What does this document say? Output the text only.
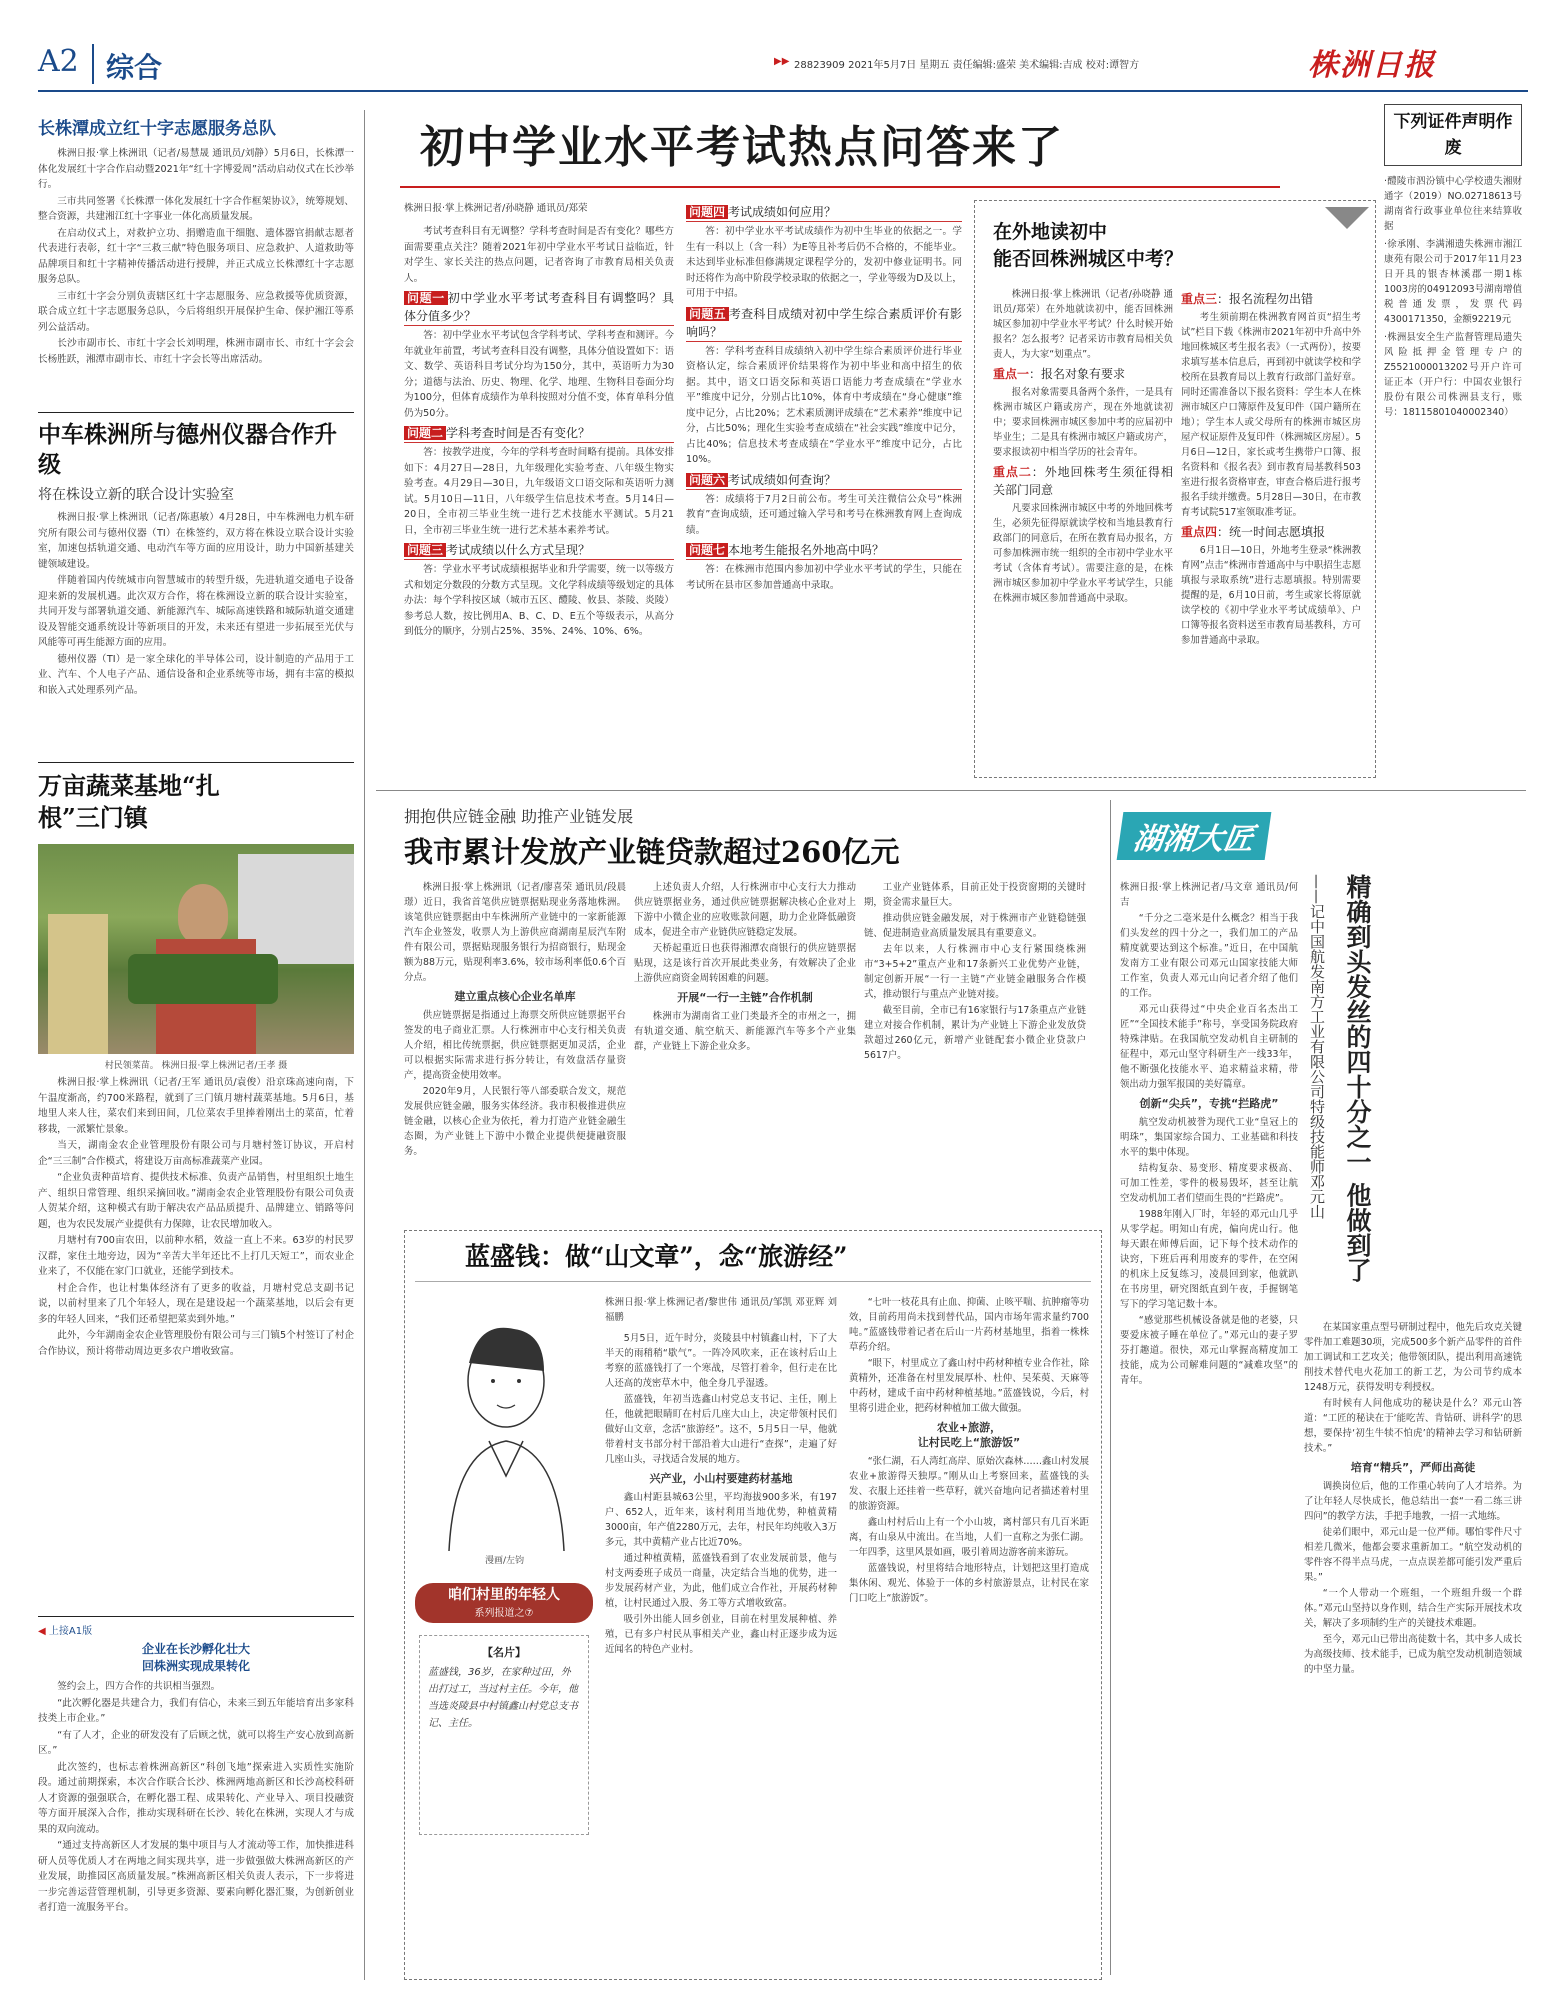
A2 综合	▶▶ 28823909 2021年5月7日 星期五 责任编辑:盛荣 美术编辑:吉成 校对:谭智方	株洲日报
下列证件声明作废

·醴陵市泗汾镇中心学校遗失湘财通字（2019）NO.02718613号湖南省行政事业单位往来结算收据

·徐承刚、李满湘遗失株洲市湘江康苑有限公司于2017年11月23日开具的银杏林溪郡一期1栋1003房的04912093号湖南增值税普通发票，发票代码4300171350，金额92219元

·株洲县安全生产监督管理局遗失风险抵押金管理专户的Z5521000013202号开户许可证正本（开户行：中国农业银行股份有限公司株洲县支行，账号：18115801040002340）

长株潭成立红十字志愿服务总队

株洲日报·掌上株洲讯（记者/易慧晟 通讯员/刘静）5月6日，长株潭一体化发展红十字合作启动暨2021年“红十字博爱周”活动启动仪式在长沙举行。

三市共同签署《长株潭一体化发展红十字合作框架协议》，统筹规划、整合资源，共建湘江红十字事业一体化高质量发展。

在启动仪式上，对救护立功、捐赠造血干细胞、遗体器官捐献志愿者代表进行表彰，红十字“三救三献”特色服务项目、应急救护、人道救助等品牌项目和红十字精神传播活动进行授牌，并正式成立长株潭红十字志愿服务总队。

三市红十字会分别负责辖区红十字志愿服务、应急救援等优质资源，联合成立红十字志愿服务总队，今后将组织开展保护生命、保护湘江等系列公益活动。

长沙市副市长、市红十字会长刘明理，株洲市副市长、市红十字会会长杨胜跃，湘潭市副市长、市红十字会长等出席活动。

中车株洲所与德州仪器合作升级
将在株设立新的联合设计实验室

株洲日报·掌上株洲讯（记者/陈惠敏）4月28日，中车株洲电力机车研究所有限公司与德州仪器（TI）在株签约，双方将在株设立联合设计实验室，加速包括轨道交通、电动汽车等方面的应用设计，助力中国新基建关键领域建设。

伴随着国内传统城市向智慧城市的转型升级，先进轨道交通电子设备迎来新的发展机遇。此次双方合作，将在株洲设立新的联合设计实验室，共同开发与部署轨道交通、新能源汽车、城际高速铁路和城际轨道交通建设及智能交通系统设计等新项目的开发，未来还有望进一步拓展至光伏与风能等可再生能源方面的应用。

德州仪器（TI）是一家全球化的半导体公司，设计制造的产品用于工业、汽车、个人电子产品、通信设备和企业系统等市场，拥有丰富的模拟和嵌入式处理系列产品。

万亩蔬菜基地“扎根”三门镇
村民领菜苗。 株洲日报·掌上株洲记者/王孝 摄

株洲日报·掌上株洲讯（记者/王军 通讯员/袁俊）沿京珠高速向南，下午温度渐高，约700米路程，就到了三门镇月塘村蔬菜基地。5月6日，基地里人来人往，菜农们来到田间，几位菜农手里捧着刚出土的菜苗，忙着移栽，一派繁忙景象。

当天，湖南金农企业管理股份有限公司与月塘村签订协议，开启村企“三三制”合作模式，将建设万亩高标准蔬菜产业园。

“企业负责种苗培育、提供技术标准、负责产品销售，村里组织土地生产、组织日常管理、组织采摘回收。”湖南金农企业管理股份有限公司负责人贺某介绍，这种模式有助于解决农产品品质提升、品牌建立、销路等问题，也为农民发展产业提供有力保障，让农民增加收入。

月塘村有700亩农田，以前种水稻，效益一直上不来。63岁的村民罗汉群，家住土地旁边，因为“辛苦大半年还比不上打几天短工”，而农业企业来了，不仅能在家门口就业，还能学到技术。

村企合作，也让村集体经济有了更多的收益，月塘村党总支副书记说，以前村里来了几个年轻人，现在是建设起一个蔬菜基地，以后会有更多的年轻人回来，“我们还希望把菜卖到外地。”

此外，今年湖南金农企业管理股份有限公司与三门镇5个村签订了村企合作协议，预计将带动周边更多农户增收致富。

◀ 上接A1版
企业在长沙孵化壮大
回株洲实现成果转化

签约会上，四方合作的共识相当强烈。

“此次孵化器是共建合力，我们有信心，未来三到五年能培育出多家科技类上市企业。”

“有了人才，企业的研发没有了后顾之忧，就可以将生产安心放到高新区。”

此次签约，也标志着株洲高新区“科创飞地”探索进入实质性实施阶段。通过前期探索，本次合作联合长沙、株洲两地高新区和长沙高校科研人才资源的强强联合，在孵化器工程、成果转化、产业导入、项目投融资等方面开展深入合作，推动实现科研在长沙、转化在株洲，实现人才与成果的双向流动。

“通过支持高新区人才发展的集中项目与人才流动等工作，加快推进科研人员等优质人才在两地之间实现共享，进一步做强做大株洲高新区的产业发展，助推园区高质量发展。”株洲高新区相关负责人表示，下一步将进一步完善运营管理机制，引导更多资源、要素向孵化器汇聚，为创新创业者打造一流服务平台。

初中学业水平考试热点问答来了
株洲日报·掌上株洲记者/孙晓静 通讯员/郑荣

考试考查科目有无调整？学科考查时间是否有变化？哪些方面需要重点关注？随着2021年初中学业水平考试日益临近，针对学生、家长关注的热点问题，记者咨询了市教育局相关负责人。

问题一 初中学业水平考试考查科目有调整吗？具体分值多少？

答：初中学业水平考试包含学科考试、学科考查和测评。今年就业年前置，考试考查科目没有调整，具体分值设置如下：语文、数学、英语科目考试分均为150分，其中，英语听力为30分；道德与法治、历史、物理、化学、地理、生物科目卷面分均为100分，但体育成绩作为单科按照对分值不变，体育单科分值仍为50分。

问题二 学科考查时间是否有变化？

答：按教学进度，今年的学科考查时间略有提前。具体安排如下：4月27日—28日，九年级理化实验考查、八年级生物实验考查。4月29日—30日，九年级语文口语交际和英语听力测试。5月10日—11日，八年级学生信息技术考查。5月14日—20日，全市初三毕业生统一进行艺术技能水平测试。5月21日，全市初三毕业生统一进行艺术基本素养考试。

问题三 考试成绩以什么方式呈现？

答：学业水平考试成绩根据毕业和升学需要，统一以等级方式和划定分数段的分数方式呈现。文化学科成绩等级划定的具体办法：每个学科按区域（城市五区、醴陵、攸县、茶陵、炎陵）参考总人数，按比例用A、B、C、D、E五个等级表示，从高分到低分的顺序，分别占25%、35%、24%、10%、6%。

问题四 考试成绩如何应用？

答：初中学业水平考试成绩作为初中生毕业的依据之一。学生有一科以上（含一科）为E等且补考后仍不合格的，不能毕业。未达到毕业标准但修满规定课程学分的，发初中修业证明书。同时还将作为高中阶段学校录取的依据之一，学业等级为D及以上，可用于中招。

问题五 考查科目成绩对初中学生综合素质评价有影响吗？

答：学科考查科目成绩纳入初中学生综合素质评价进行毕业资格认定，综合素质评价结果将作为初中毕业和高中招生的依据。其中，语文口语交际和英语口语能力考查成绩在“学业水平”维度中记分，分别占比10%，体育中考成绩在“身心健康”维度中记分，占比20%；艺术素质测评成绩在“艺术素养”维度中记分，占比50%；理化生实验考查成绩在“社会实践”维度中记分，占比40%；信息技术考查成绩在“学业水平”维度中记分，占比10%。

问题六 考试成绩如何查询？

答：成绩将于7月2日前公布。考生可关注微信公众号“株洲教育”查询成绩，还可通过输入学号和考号在株洲教育网上查询成绩。

问题七 本地考生能报名外地高中吗？

答：在株洲市范围内参加初中学业水平考试的学生，只能在考试所在县市区参加普通高中录取。

在外地读初中
能否回株洲城区中考？

株洲日报·掌上株洲讯（记者/孙晓静 通讯员/郑荣）在外地就读初中，能否回株洲城区参加初中学业水平考试？什么时候开始报名？怎么报考？记者采访市教育局相关负责人，为大家“划重点”。

重点一：报名对象有要求

报名对象需要具备两个条件，一是具有株洲市城区户籍或房产，现在外地就读初中；要求回株洲市城区参加中考的应届初中毕业生；二是具有株洲市城区户籍或房产，要求报读初中相当学历的社会青年。

重点二：外地回株考生须征得相关部门同意

凡要求回株洲市城区中考的外地回株考生，必须先征得原就读学校和当地县教育行政部门的同意后，在所在教育局办报名，方可参加株洲市统一组织的全市初中学业水平考试（含体育考试）。需要注意的是，在株洲市城区参加初中学业水平考试学生，只能在株洲市城区参加普通高中录取。

重点三：报名流程勿出错

考生须前期在株洲教育网首页“招生考试”栏目下载《株洲市2021年初中升高中外地回株城区考生报名表》（一式两份），按要求填写基本信息后，再到初中就读学校和学校所在县教育局以上教育行政部门盖好章。同时还需准备以下报名资料：学生本人在株洲市城区户口簿原件及复印件（国户籍所在地）；学生本人或父母所有的株洲市城区房屋产权证原件及复印件（株洲城区房屋）。5月6日—12日，家长或考生携带户口簿、报名资料和《报名表》到市教育局基教科503室进行报名资格审查，审查合格后进行报考报名手续并缴费。5月28日—30日，在市教育考试院517室领取准考证。

重点四：统一时间志愿填报

6月1日—10日，外地考生登录“株洲教育网”点击“株洲市普通高中与中职招生志愿填报与录取系统”进行志愿填报。特别需要提醒的是，6月10日前，考生或家长将原就读学校的《初中学业水平考试成绩单》、户口簿等报名资料送至市教育局基教科，方可参加普通高中录取。

拥抱供应链金融 助推产业链发展
我市累计发放产业链贷款超过260亿元

株洲日报·掌上株洲讯（记者/廖喜荣 通讯员/段晨璟）近日，我省首笔供应链票据贴现业务落地株洲。该笔供应链票据由中车株洲所产业链中的一家新能源汽车企业签发，收票人为上游供应商湖南星辰汽车附件有限公司，票据贴现服务银行为招商银行，贴现金额为88万元，贴现利率3.6%，较市场利率低0.6个百分点。

建立重点核心企业名单库

供应链票据是指通过上海票交所供应链票据平台签发的电子商业汇票。人行株洲市中心支行相关负责人介绍，相比传统票据，供应链票据更加灵活，企业可以根据实际需求进行拆分转让，有效盘活存量资产，提高资金使用效率。

2020年9月，人民银行等八部委联合发文，规范发展供应链金融，服务实体经济。我市积极推进供应链金融，以核心企业为依托，着力打造产业链金融生态圈，为产业链上下游中小微企业提供便捷融资服务。

上述负责人介绍，人行株洲市中心支行大力推动供应链票据业务，通过供应链票据解决核心企业对上下游中小微企业的应收账款问题，助力企业降低融资成本，促进全市产业链供应链稳定发展。

天桥起重近日也获得湘潭农商银行的供应链票据贴现，这是该行首次开展此类业务，有效解决了企业上游供应商资金周转困难的问题。

开展“一行一主链”合作机制

株洲市为湖南省工业门类最齐全的市州之一，拥有轨道交通、航空航天、新能源汽车等多个产业集群，产业链上下游企业众多。

工业产业链体系，目前正处于投资窗期的关键时期，资金需求量巨大。

推动供应链金融发展，对于株洲市产业链稳链强链、促进制造业高质量发展具有重要意义。

去年以来，人行株洲市中心支行紧围绕株洲市“3+5+2”重点产业和17条新兴工业优势产业链，制定创新开展“一行一主链”产业链金融服务合作模式，推动银行与重点产业链对接。

截至目前，全市已有16家银行与17条重点产业链建立对接合作机制，累计为产业链上下游企业发放贷款超过260亿元，新增产业链配套小微企业贷款户5617户。

湖湘大匠
精确到头发丝的四十分之一 他做到了
——记中国航发南方工业有限公司特级技能师邓元山

株洲日报·掌上株洲记者/马文章 通讯员/何吉

“千分之二毫米是什么概念？相当于我们头发丝的四十分之一，我们加工的产品精度就要达到这个标准。”近日，在中国航发南方工业有限公司邓元山国家技能大师工作室，负责人邓元山向记者介绍了他们的工作。

邓元山获得过“中央企业百名杰出工匠”“全国技术能手”称号，享受国务院政府特殊津贴。在我国航空发动机自主研制的征程中，邓元山坚守科研生产一线33年，他不断强化技能水平、追求精益求精，带领出动力强军报国的美好篇章。

创新“尖兵”，专挑“拦路虎”

航空发动机被誉为现代工业“皇冠上的明珠”，集国家综合国力、工业基础和科技水平的集中体现。

结构复杂、易变形、精度要求极高、可加工性差，零件的极易毁坏，甚至让航空发动机加工者们望而生畏的“拦路虎”。

1988年刚入厂时，年轻的邓元山几乎从零学起。明知山有虎，偏向虎山行。他每天跟在师傅后面，记下每个技术动作的诀窍，下班后再利用废弃的零件，在空闲的机床上反复练习，凌晨回到家，他就趴在书房里，研究图纸直到午夜，手握钢笔写下的学习笔记数十本。

“感觉那些机械设备就是他的老婆，只要爱床被子睡在单位了。”邓元山的妻子罗芬打趣道。很快，邓元山掌握高精度加工技能，成为公司解难问题的“减难攻坚”的青年。

在某国家重点型号研制过程中，他先后攻克关键零件加工难题30项，完成500多个新产品零件的首件加工调试和工艺攻关；他带领团队，提出利用高速铣削技术替代电火花加工的新工艺，为公司节约成本1248万元，获得发明专利授权。

有时候有人问他成功的秘诀是什么？邓元山答道：“工匠的秘诀在于‘能吃苦、肯钻研、讲科学’的思想，要保持‘初生牛犊不怕虎’的精神去学习和钻研新技术。”

培育“精兵”，严师出高徒

调换岗位后，他的工作重心转向了人才培养。为了让年轻人尽快成长，他总结出一套“一看二练三讲四问”的教学方法，手把手地教，一招一式地练。

徒弟们眼中，邓元山是一位严师。哪怕零件尺寸相差几微米，他都会要求重新加工。“航空发动机的零件容不得半点马虎，一点点误差都可能引发严重后果。”

“一个人带动一个班组，一个班组升级一个群体。”邓元山坚持以身作则，结合生产实际开展技术攻关，解决了多项制约生产的关键技术难题。

至今，邓元山已带出高徒数十名，其中多人成长为高级技师、技术能手，已成为航空发动机制造领域的中坚力量。

蓝盛钱：做“山文章”，念“旅游经”
漫画/左钧
咱们村里的年轻人
系列报道之⑦
【名片】
蓝盛钱，36岁，在家种过田，外出打过工，当过村主任。今年，他当选炎陵县中村镇鑫山村党总支书记、主任。

株洲日报·掌上株洲记者/黎世伟 通讯员/邹凯 邓亚辉 刘福鹏

5月5日，近午时分，炎陵县中村镇鑫山村，下了大半天的雨稍稍“歇气”。一阵冷风吹来，正在该村后山上考察的蓝盛钱打了一个寒战，尽管打着伞，但行走在比人还高的茂密草木中，他全身几乎湿透。

蓝盛钱，年初当选鑫山村党总支书记、主任，刚上任，他就把眼睛盯在村后几座大山上，决定带领村民们做好山文章，念活“旅游经”。这不，5月5日一早，他就带着村支书部分村干部沿着大山进行“查探”，走遍了好几座山头，寻找适合发展的地方。

兴产业，小山村要建药材基地

鑫山村距县城63公里，平均海拔900多米，有197户、652人，近年来，该村利用当地优势，种植黄精3000亩，年产值2280万元，去年，村民年均纯收入3万多元，其中黄精产业占比近70%。

通过种植黄精，蓝盛钱看到了农业发展前景，他与村支两委班子成员一商量，决定结合当地的优势，进一步发展药材产业，为此，他们成立合作社，开展药材种植，让村民通过入股、务工等方式增收致富。

吸引外出能人回乡创业，目前在村里发展种植、养殖，已有多户村民从事相关产业，鑫山村正逐步成为远近闻名的特色产业村。

“七叶一枝花具有止血、抑菌、止咳平喘、抗肿瘤等功效，目前药用尚未找到替代品，国内市场年需求量约700吨。”蓝盛钱带着记者在后山一片药材基地里，指着一株株草药介绍。

“眼下，村里成立了鑫山村中药材种植专业合作社，除黄精外，还准备在村里发展厚朴、杜仲、吴茱萸、天麻等中药材，建成千亩中药材种植基地。”蓝盛钱说，今后，村里将引进企业，把药材种植加工做大做强。

农业+旅游，
让村民吃上“旅游饭”

“张仁湖，石人湾红高岸、原始次森林……鑫山村发展农业+旅游得天独厚。”刚从山上考察回来，蓝盛钱的头发、衣服上还挂着一些草籽，就兴奋地向记者描述着村里的旅游资源。

鑫山村村后山上有一个小山坡，离村部只有几百米距离，有山泉从中流出。在当地，人们一直称之为张仁湖。一年四季，这里风景如画，吸引着周边游客前来游玩。

蓝盛钱说，村里将结合地形特点，计划把这里打造成集休闲、观光、体验于一体的乡村旅游景点，让村民在家门口吃上“旅游饭”。
